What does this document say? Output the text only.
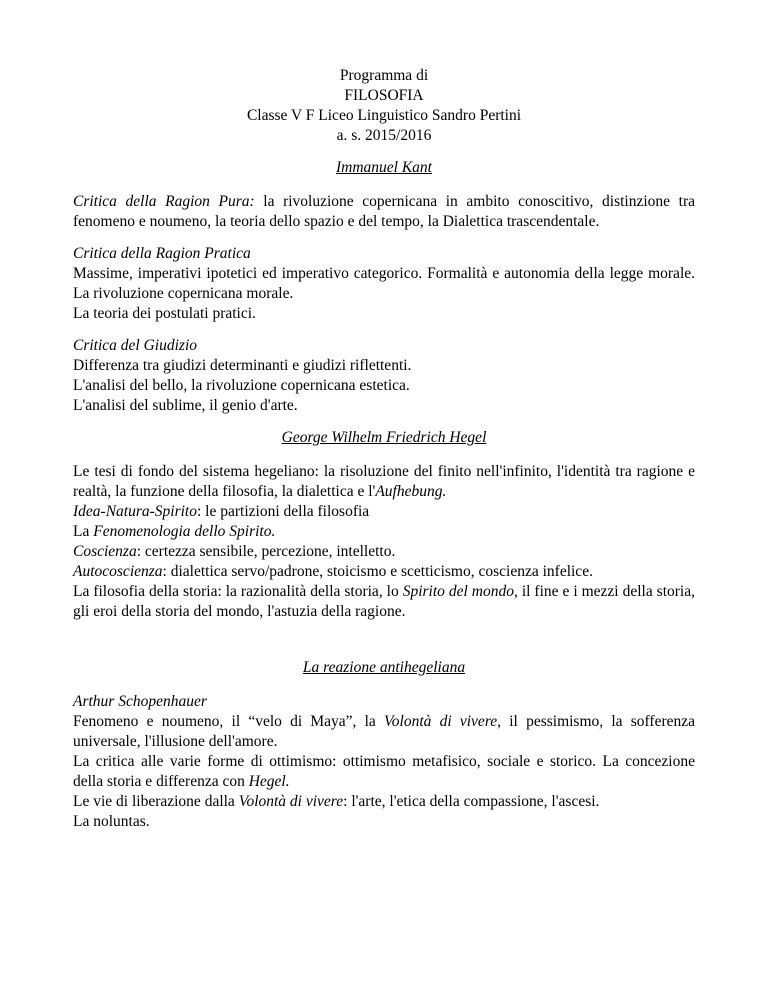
Programma di

FILOSOFIA

Classe V F Liceo Linguistico Sandro Pertini

a. s. 2015/2016

Immanuel Kant

Critica della Ragion Pura: la rivoluzione copernicana in ambito conoscitivo, distinzione tra fenomeno e noumeno, la teoria dello spazio e del tempo, la Dialettica trascendentale.

Critica della Ragion Pratica

Massime, imperativi ipotetici ed imperativo categorico. Formalità e autonomia della legge morale. La rivoluzione copernicana morale.

La teoria dei postulati pratici.

Critica del Giudizio

Differenza tra giudizi determinanti e giudizi riflettenti.

L'analisi del bello, la rivoluzione copernicana estetica.

L'analisi del sublime, il genio d'arte.

George Wilhelm Friedrich Hegel

Le tesi di fondo del sistema hegeliano: la risoluzione del finito nell'infinito, l'identità tra ragione e realtà, la funzione della filosofia, la dialettica e l'Aufhebung.

Idea-Natura-Spirito: le partizioni della filosofia

La Fenomenologia dello Spirito.

Coscienza: certezza sensibile, percezione, intelletto.

Autocoscienza: dialettica servo/padrone, stoicismo e scetticismo, coscienza infelice.

La filosofia della storia: la razionalità della storia, lo Spirito del mondo, il fine e i mezzi della storia, gli eroi della storia del mondo, l'astuzia della ragione.

La reazione antihegeliana

Arthur Schopenhauer

Fenomeno e noumeno, il “velo di Maya”, la Volontà di vivere, il pessimismo, la sofferenza universale, l'illusione dell'amore.

La critica alle varie forme di ottimismo: ottimismo metafisico, sociale e storico. La concezione della storia e differenza con Hegel.

Le vie di liberazione dalla Volontà di vivere: l'arte, l'etica della compassione, l'ascesi.

La noluntas.
